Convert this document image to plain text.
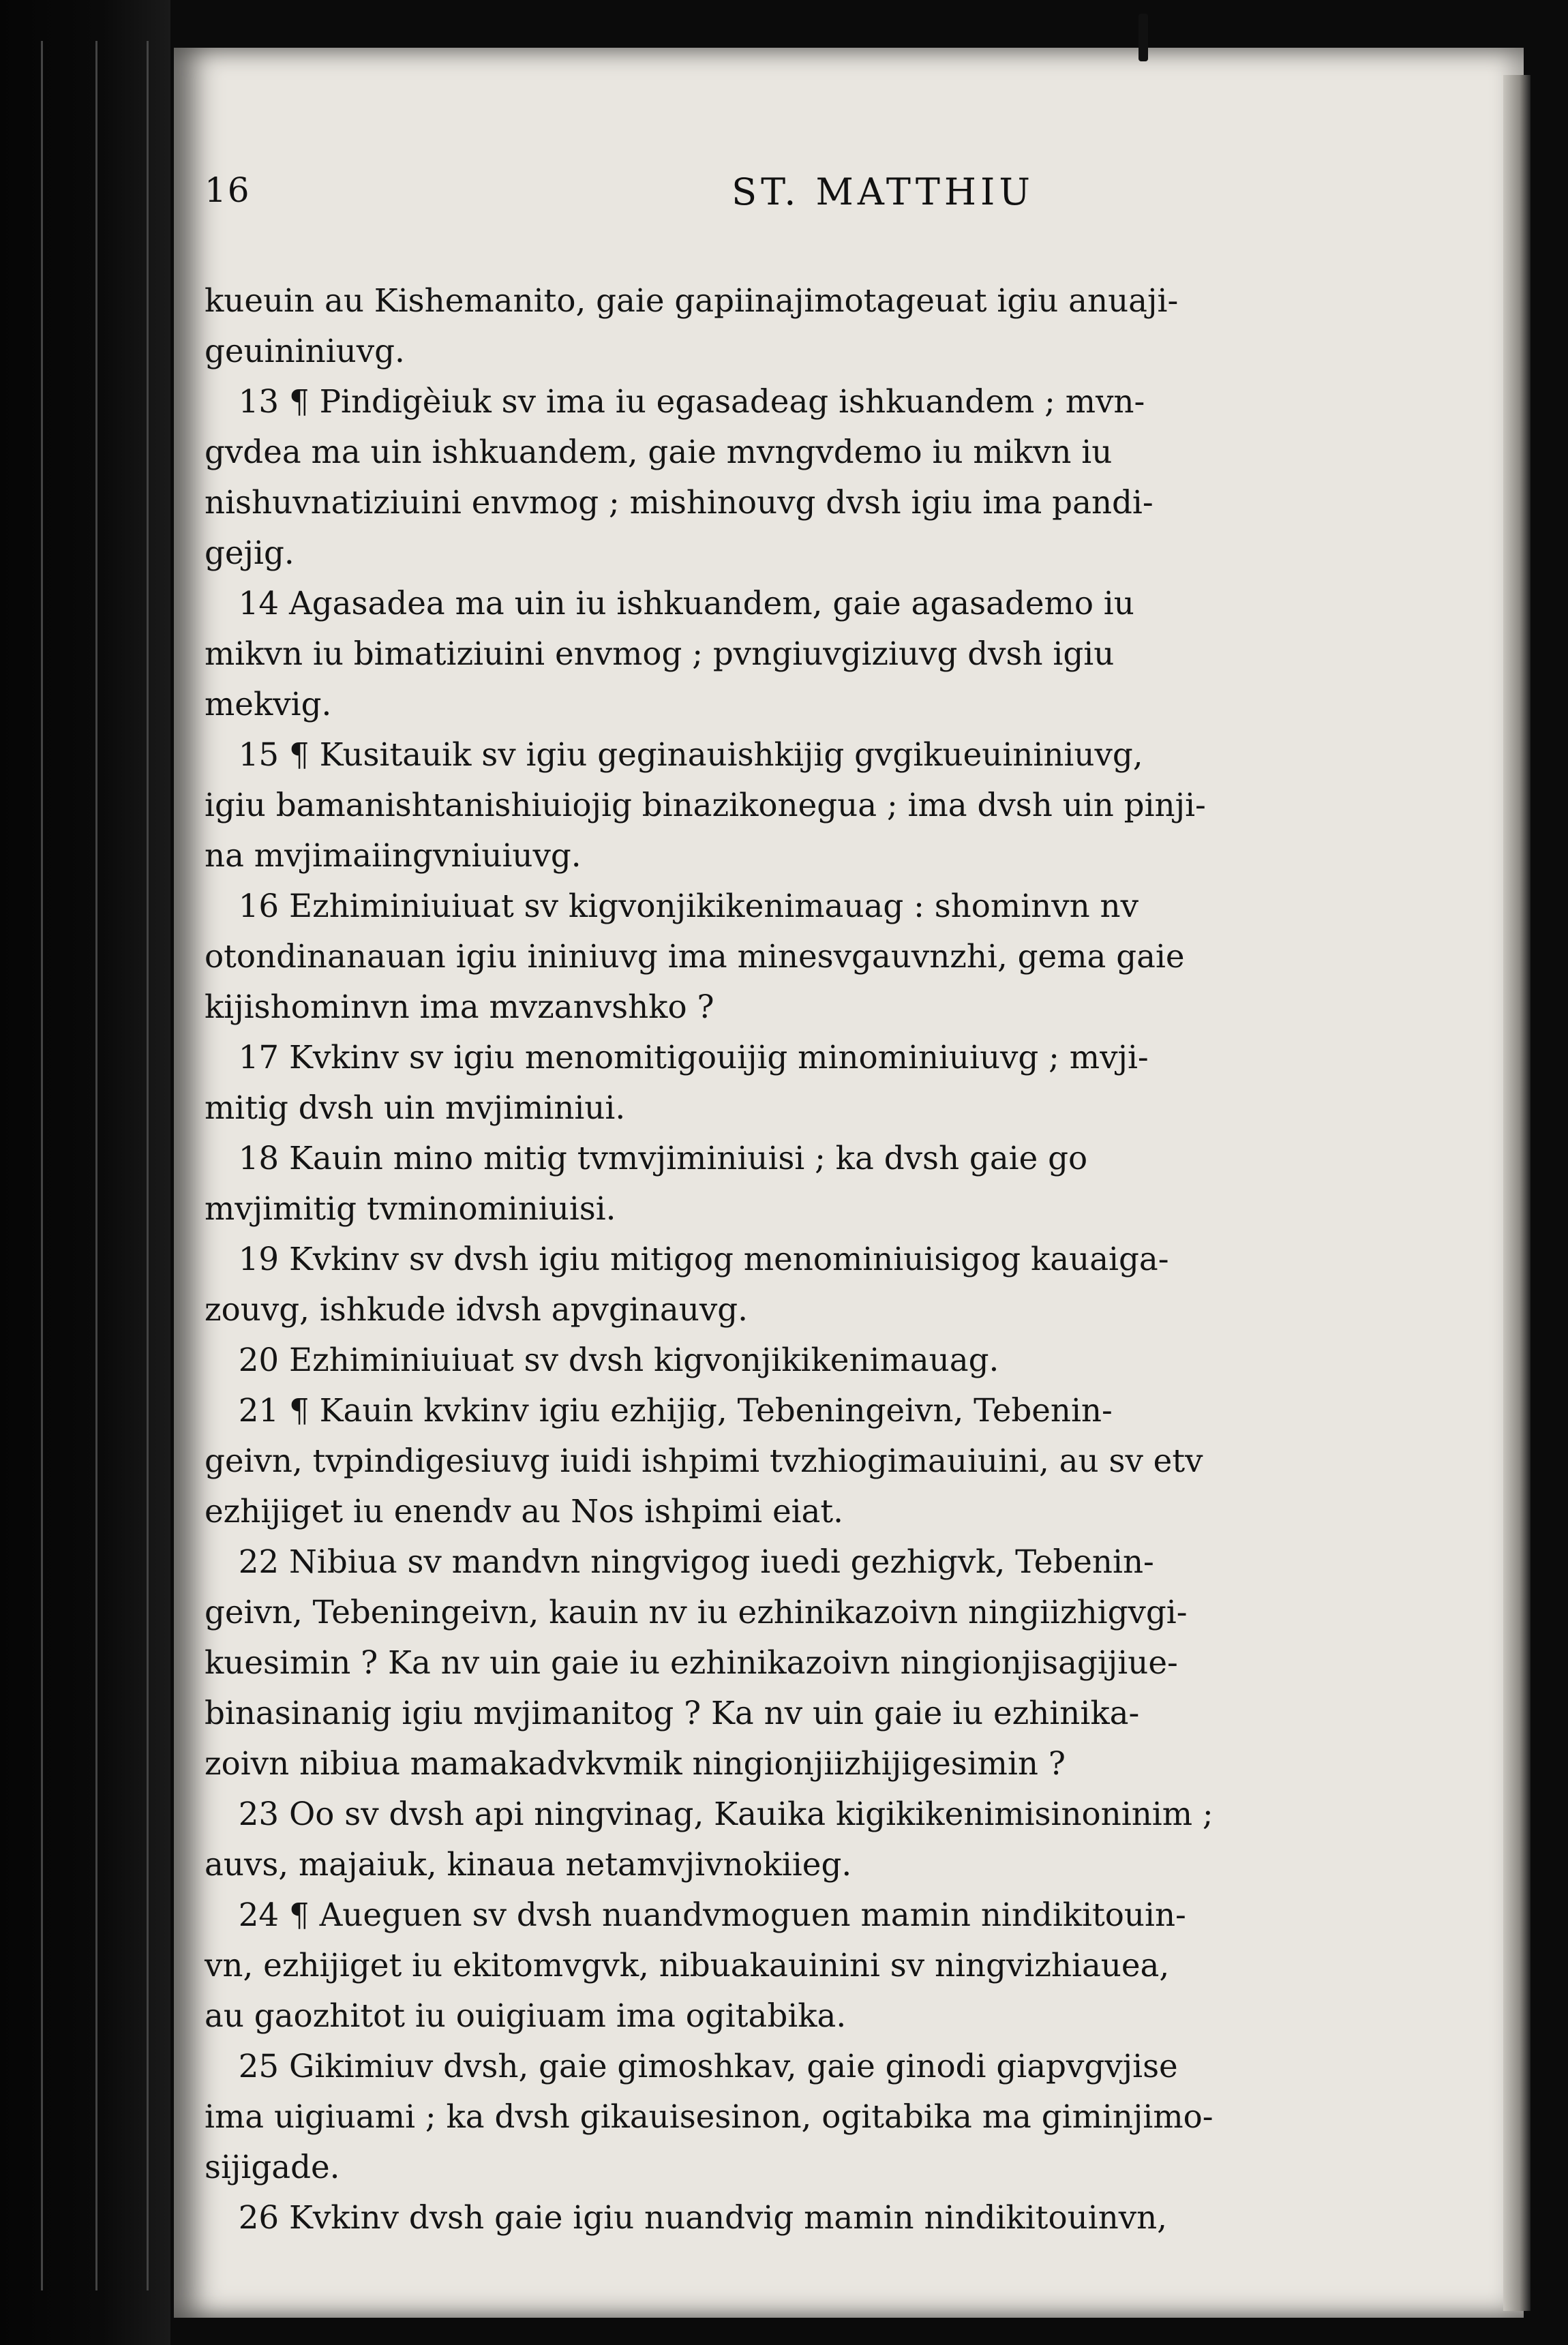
16	ST. MATTHIU
kueuin au Kishemanito, gaie gapiinajimotageuat igiu anuaji-
geuininiuvg.
13 ¶ Pindigèiuk sv ima iu egasadeag ishkuandem ; mvn-
gvdea ma uin ishkuandem, gaie mvngvdemo iu mikvn iu
nishuvnatiziuini envmog ; mishinouvg dvsh igiu ima pandi-
gejig.
14 Agasadea ma uin iu ishkuandem, gaie agasademo iu
mikvn iu bimatiziuini envmog ; pvngiuvgiziuvg dvsh igiu
mekvig.
15 ¶ Kusitauik sv igiu geginauishkijig gvgikueuininiuvg,
igiu bamanishtanishiuiojig binazikonegua ; ima dvsh uin pinji-
na mvjimaiingvniuiuvg.
16 Ezhiminiuiuat sv kigvonjikikenimauag : shominvn nv
otondinanauan igiu ininiuvg ima minesvgauvnzhi, gema gaie
kijishominvn ima mvzanvshko ?
17 Kvkinv sv igiu menomitigouijig minominiuiuvg ; mvji-
mitig dvsh uin mvjiminiui.
18 Kauin mino mitig tvmvjiminiuisi ; ka dvsh gaie go
mvjimitig tvminominiuisi.
19 Kvkinv sv dvsh igiu mitigog menominiuisigog kauaiga-
zouvg, ishkude idvsh apvginauvg.
20 Ezhiminiuiuat sv dvsh kigvonjikikenimauag.
21 ¶ Kauin kvkinv igiu ezhijig, Tebeningeivn, Tebenin-
geivn, tvpindigesiuvg iuidi ishpimi tvzhiogimauiuini, au sv etv
ezhijiget iu enendv au Nos ishpimi eiat.
22 Nibiua sv mandvn ningvigog iuedi gezhigvk, Tebenin-
geivn, Tebeningeivn, kauin nv iu ezhinikazoivn ningiizhigvgi-
kuesimin ? Ka nv uin gaie iu ezhinikazoivn ningionjisagijiue-
binasinanig igiu mvjimanitog ? Ka nv uin gaie iu ezhinika-
zoivn nibiua mamakadvkvmik ningionjiizhijigesimin ?
23 Oo sv dvsh api ningvinag, Kauika kigikikenimisinoninim ;
auvs, majaiuk, kinaua netamvjivnokiieg.
24 ¶ Aueguen sv dvsh nuandvmoguen mamin nindikitouin-
vn, ezhijiget iu ekitomvgvk, nibuakauinini sv ningvizhiauea,
au gaozhitot iu ouigiuam ima ogitabika.
25 Gikimiuv dvsh, gaie gimoshkav, gaie ginodi giapvgvjise
ima uigiuami ; ka dvsh gikauisesinon, ogitabika ma giminjimo-
sijigade.
26 Kvkinv dvsh gaie igiu nuandvig mamin nindikitouinvn,
